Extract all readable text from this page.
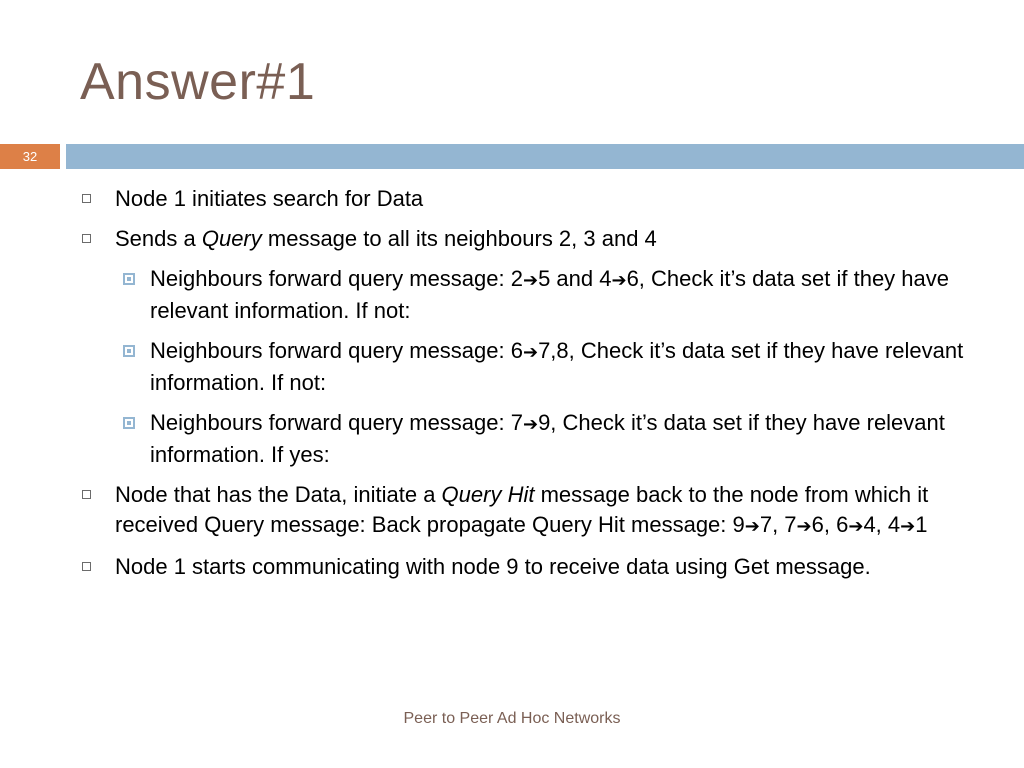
Answer#1
32
Node 1 initiates search for Data
Sends a Query message to all its neighbours 2, 3 and 4
Neighbours forward query message: 2➔5 and 4➔6, Check it’s data set if they have relevant information. If not:
Neighbours forward query message: 6➔7,8, Check it’s data set if they have relevant information. If not:
Neighbours forward query message: 7➔9, Check it’s data set if they have relevant information. If yes:
Node that has the Data, initiate a Query Hit message back to the node from which it received Query message: Back propagate Query Hit message: 9➔7, 7➔6, 6➔4, 4➔1
Node 1 starts communicating with node 9 to receive data using Get message.
Peer to Peer Ad Hoc Networks
